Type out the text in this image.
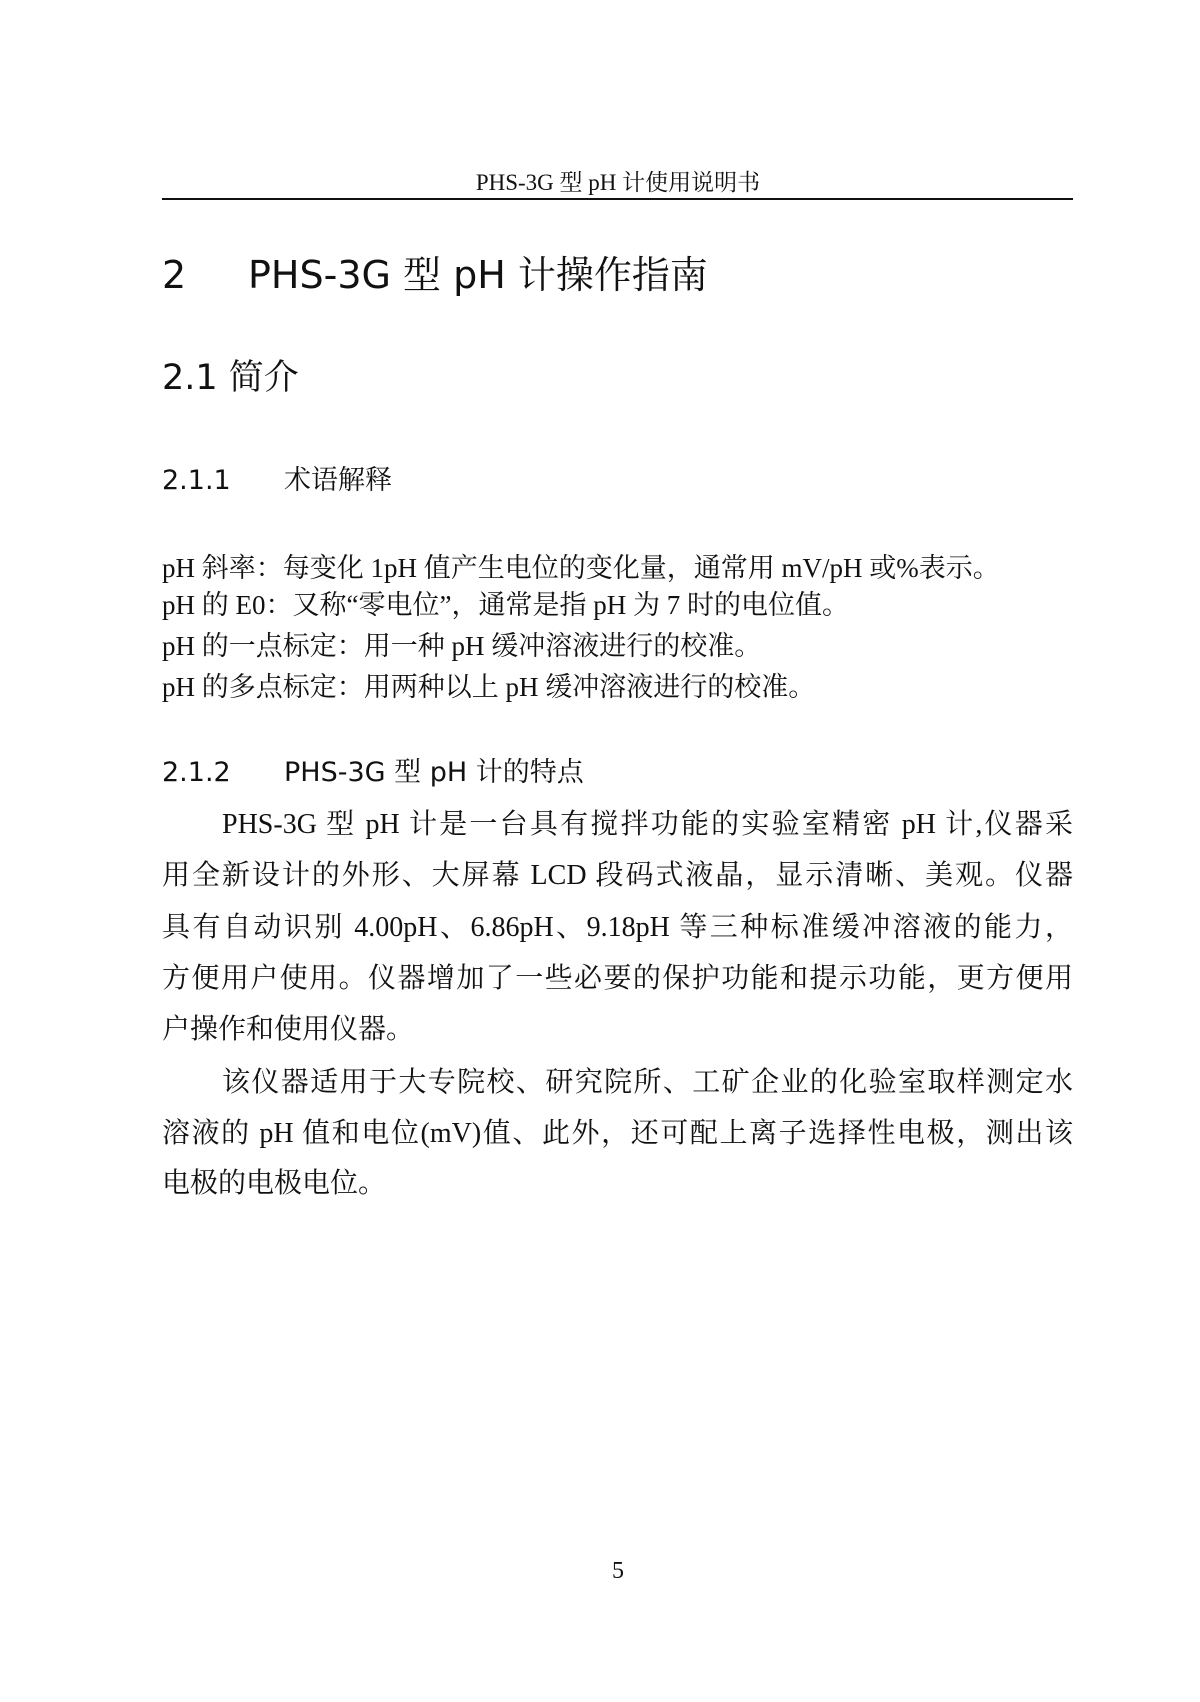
PHS-3G 型 pH 计使用说明书
2 PHS-3G 型 pH 计操作指南
2.1 简介
2.1.1 术语解释
pH 斜率：每变化 1pH 值产生电位的变化量，通常用 mV/pH 或%表示。
pH 的 E0：又称“零电位”，通常是指 pH 为 7 时的电位值。
pH 的一点标定：用一种 pH 缓冲溶液进行的校准。
pH 的多点标定：用两种以上 pH 缓冲溶液进行的校准。
2.1.2 PHS-3G 型 pH 计的特点
PHS-3G 型 pH 计是一台具有搅拌功能的实验室精密 pH 计,仪器采
用全新设计的外形、大屏幕 LCD 段码式液晶，显示清晰、美观。仪器
具有自动识别 4.00pH、6.86pH、9.18pH 等三种标准缓冲溶液的能力，
方便用户使用。仪器增加了一些必要的保护功能和提示功能，更方便用
户操作和使用仪器。
该仪器适用于大专院校、研究院所、工矿企业的化验室取样测定水
溶液的 pH 值和电位(mV)值、此外，还可配上离子选择性电极，测出该
电极的电极电位。
5
